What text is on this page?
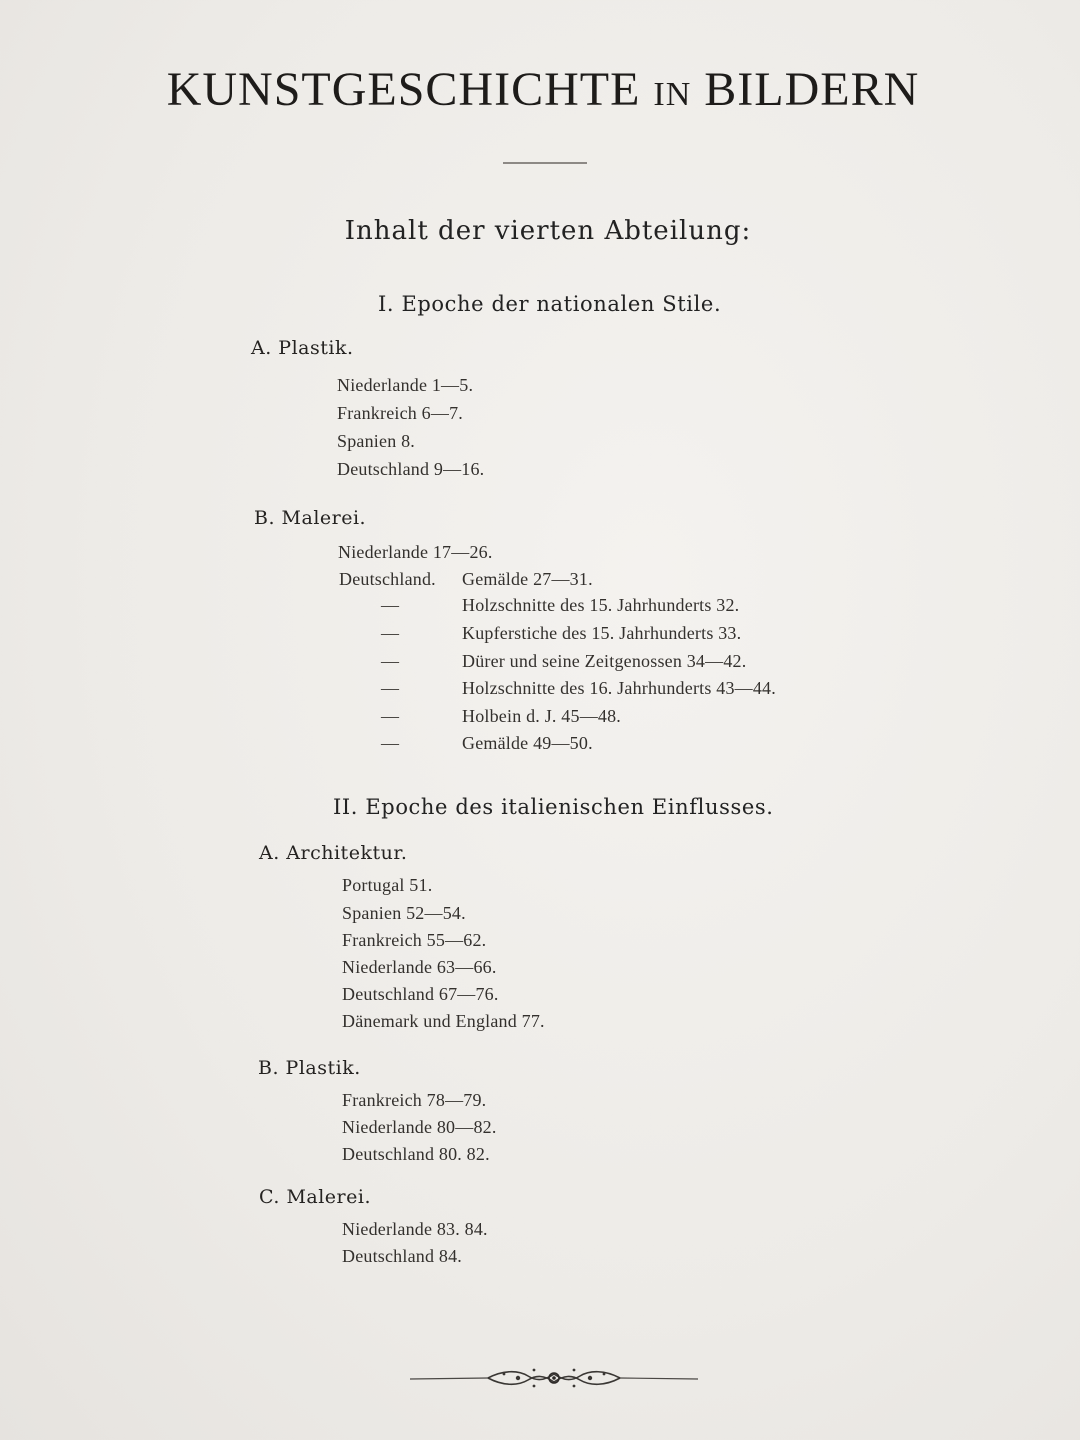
KUNSTGESCHICHTE IN BILDERN
Inhalt der vierten Abteilung:
I. Epoche der nationalen Stile.
A. Plastik.
Niederlande 1—5.
Frankreich 6—7.
Spanien 8.
Deutschland 9—16.
B. Malerei.
Niederlande 17—26.
Deutschland. Gemälde 27—31.
—	Holzschnitte des 15. Jahrhunderts 32.
—	Kupferstiche des 15. Jahrhunderts 33.
—	Dürer und seine Zeitgenossen 34—42.
—	Holzschnitte des 16. Jahrhunderts 43—44.
—	Holbein d. J. 45—48.
—	Gemälde 49—50.
II. Epoche des italienischen Einflusses.
A. Architektur.
Portugal 51.
Spanien 52—54.
Frankreich 55—62.
Niederlande 63—66.
Deutschland 67—76.
Dänemark und England 77.
B. Plastik.
Frankreich 78—79.
Niederlande 80—82.
Deutschland 80. 82.
C. Malerei.
Niederlande 83. 84.
Deutschland 84.
